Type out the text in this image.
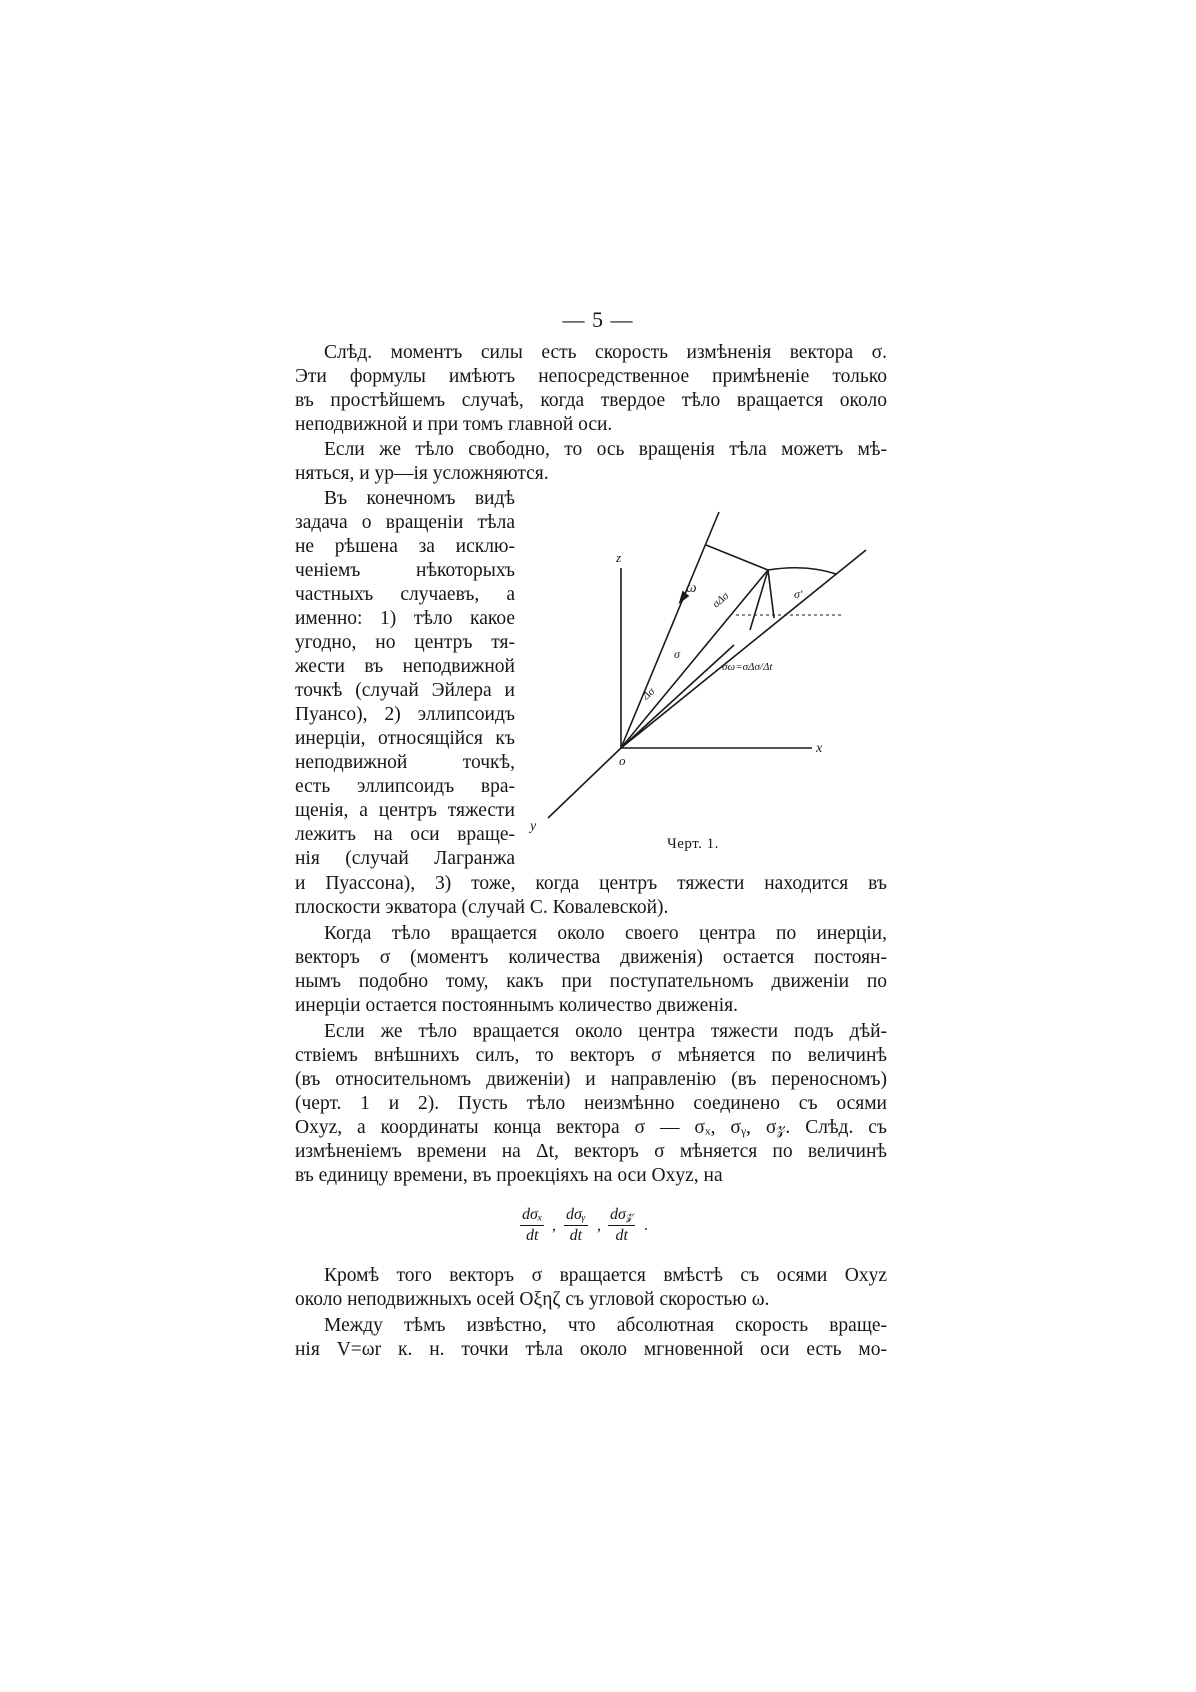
— 5 —
Слѣд. моментъ силы есть скорость измѣненія вектора σ.
Эти формулы имѣютъ непосредственное примѣненіе только
въ простѣйшемъ случаѣ, когда твердое тѣло вращается около
неподвижной и при томъ главной оси.
Если же тѣло свободно, то ось вращенія тѣла можетъ мѣ-
няться, и ур—ія усложняются.
Въ конечномъ видѣ
задача о вращеніи тѣла
не рѣшена за исклю-
ченіемъ нѣкоторыхъ
частныхъ случаевъ, а
именно: 1) тѣло какое
угодно, но центръ тя-
жести въ неподвижной
точкѣ (случай Эйлера и
Пуансо), 2) эллипсоидъ
инерціи, относящійся къ
неподвижной точкѣ,
есть эллипсоидъ вра-
щенія, а центръ тяжести
лежитъ на оси враще-
нія (случай Лагранжа
и Пуассона), 3) тоже, когда центръ тяжести находится въ
плоскости экватора (случай С. Ковалевской).
Когда тѣло вращается около своего центра по инерціи,
векторъ σ (моментъ количества движенія) остается постоян-
нымъ подобно тому, какъ при поступательномъ движеніи по
инерціи остается постояннымъ количество движенія.
Если же тѣло вращается около центра тяжести подъ дѣй-
ствіемъ внѣшнихъ силъ, то векторъ σ мѣняется по величинѣ
(въ относительномъ движеніи) и направленію (въ переносномъ)
(черт. 1 и 2). Пусть тѣло неизмѣнно соединено съ осями
Oxyz, а координаты конца вектора σ — σₓ, σᵧ, σ𝓏. Слѣд. съ
измѣненіемъ времени на Δt, векторъ σ мѣняется по величинѣ
въ единицу времени, въ проекціяхъ на оси Oxyz, на
dσₓ
dt
,
dσᵧ
dt
,
dσ𝓏
dt
.
Кромѣ того векторъ σ вращается вмѣстѣ съ осями Oxyz
около неподвижныхъ осей Οξηζ съ угловой скоростью ω.
Между тѣмъ извѣстно, что абсолютная скорость враще-
нія V=ωr к. н. точки тѣла около мгновенной оси есть мо-
z
x
y
o
ω
σ
σ'
Δσ
σΔσ
σω=σΔσ/Δt
Черт. 1.
